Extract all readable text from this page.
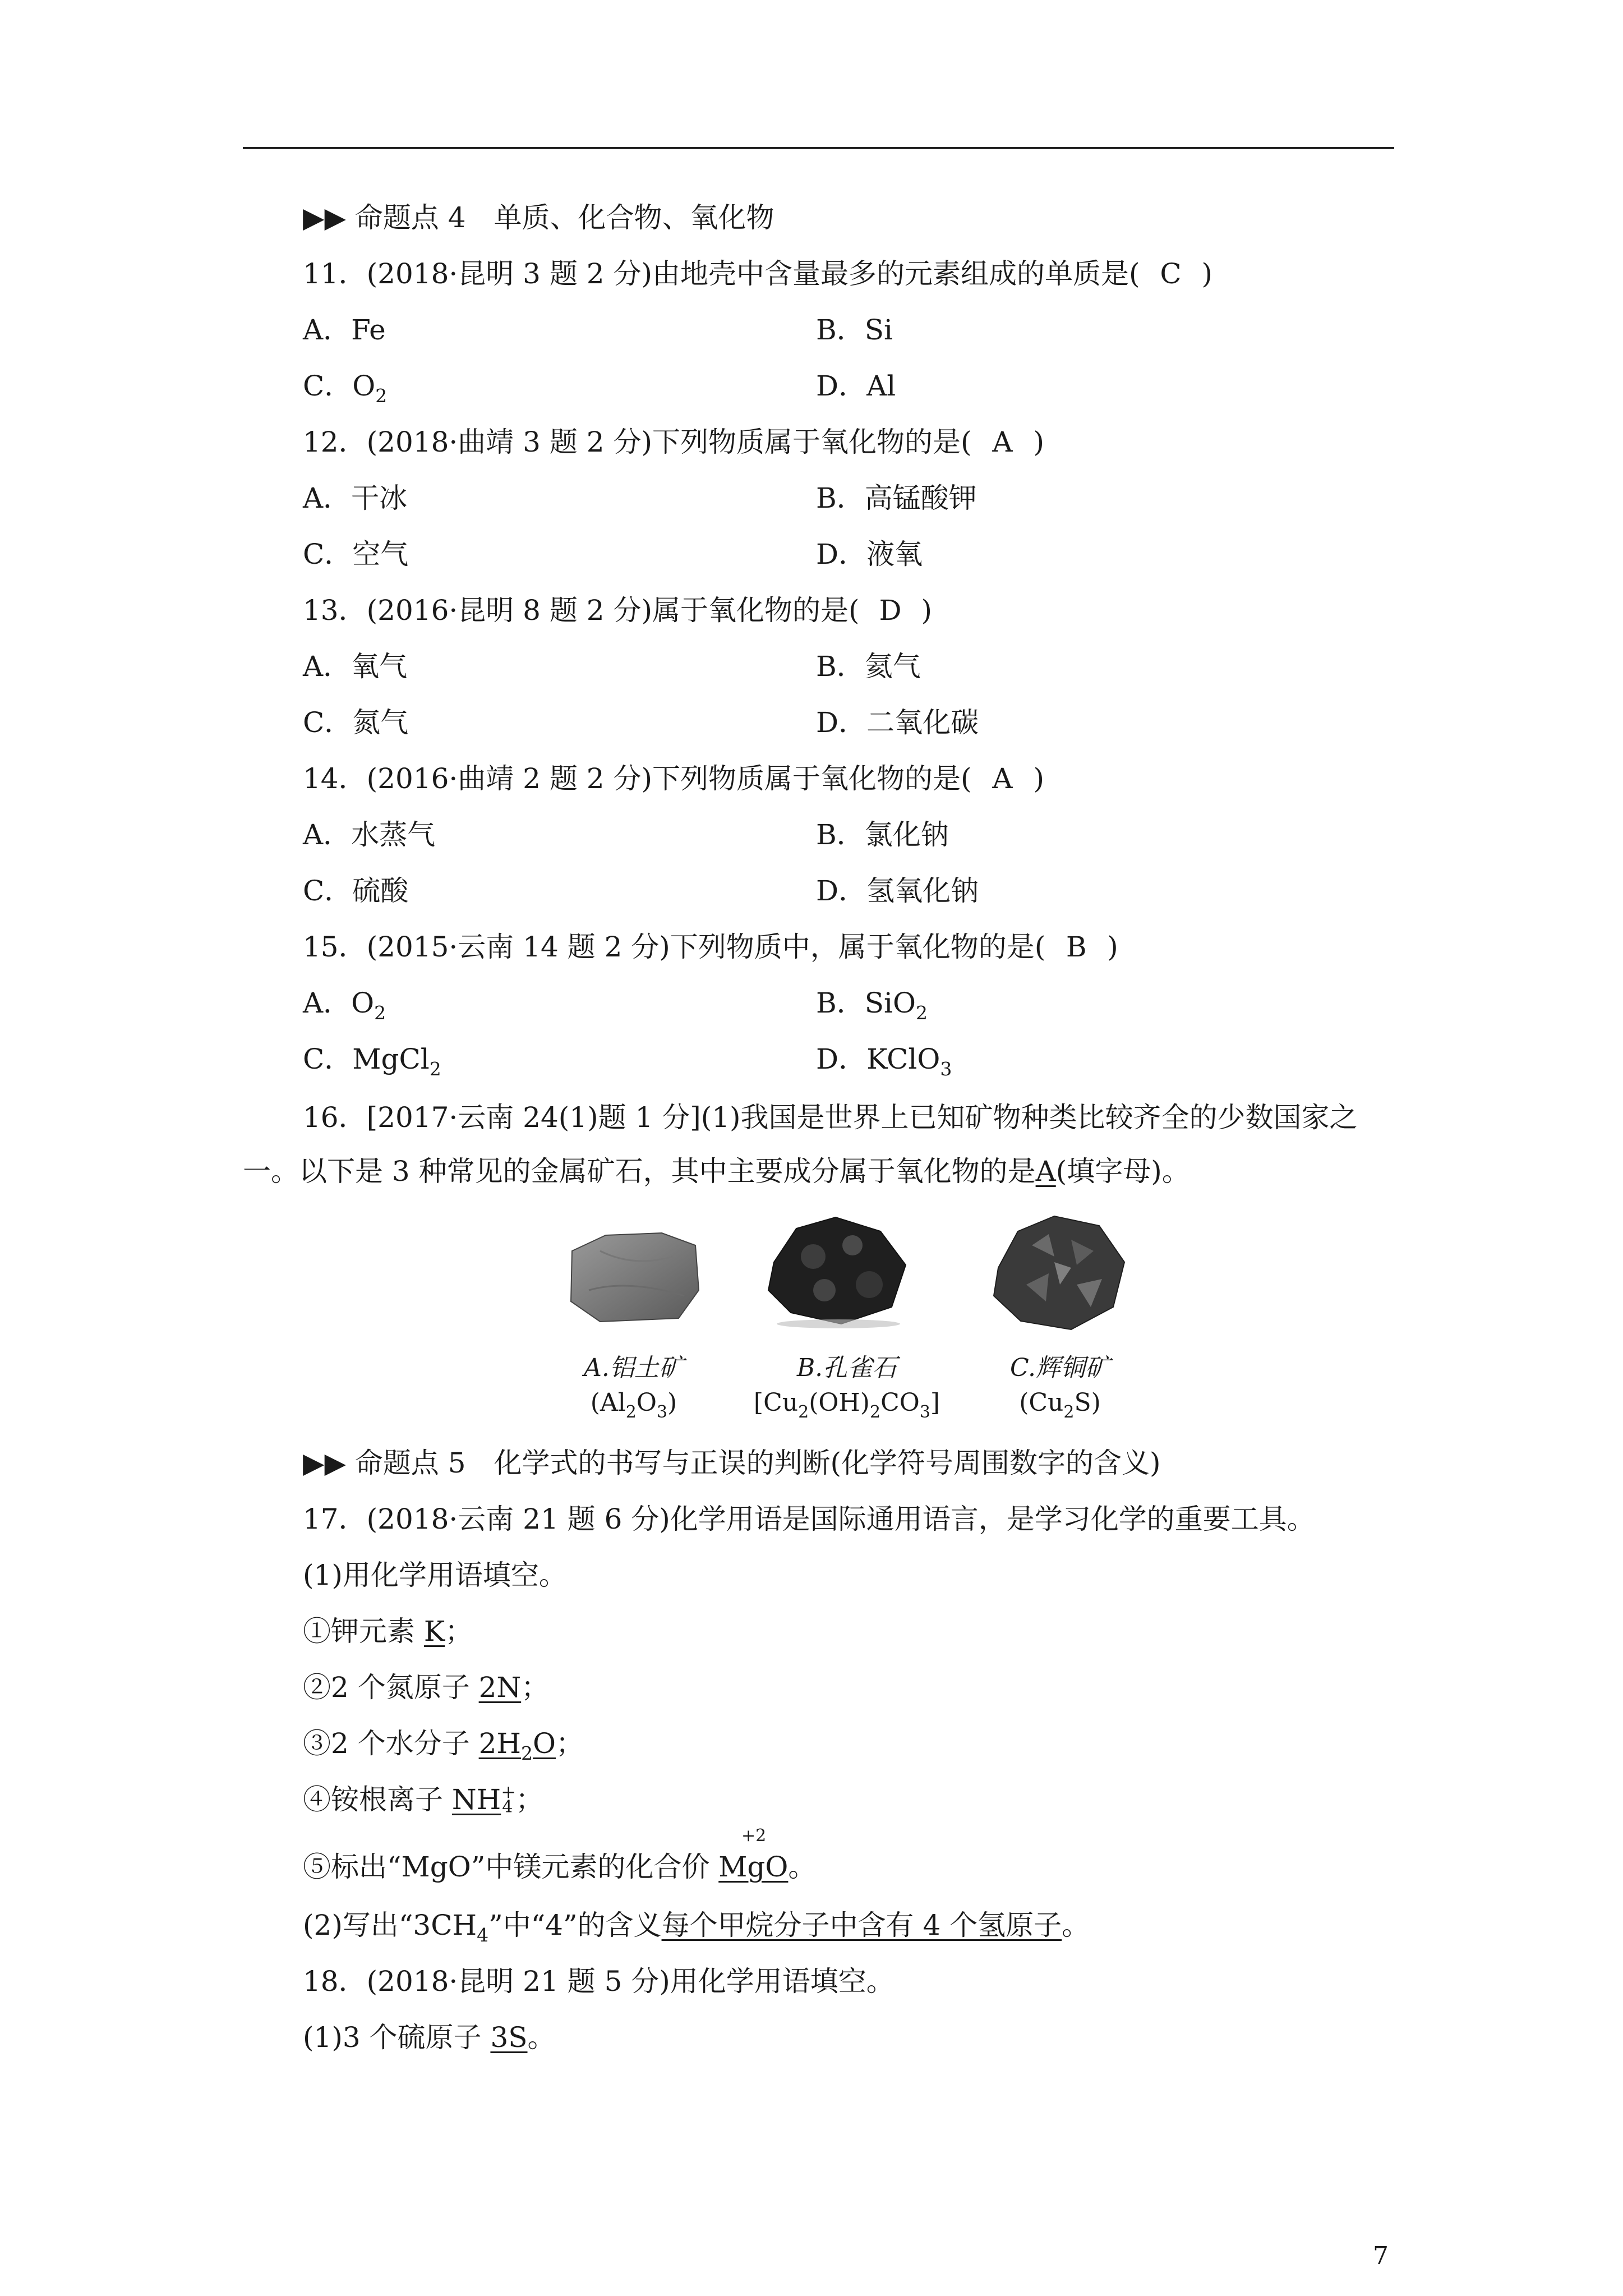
▶▶ 命题点 4　单质、化合物、氧化物
11．(2018·昆明 3 题 2 分)由地壳中含量最多的元素组成的单质是( C )
A．Fe	B．Si
C．$O_2$	D．Al
12．(2018·曲靖 3 题 2 分)下列物质属于氧化物的是( A )
A．干冰	B．高锰酸钾
C．空气	D．液氧
13．(2016·昆明 8 题 2 分)属于氧化物的是( D )
A．氧气	B．氦气
C．氮气	D．二氧化碳
14．(2016·曲靖 2 题 2 分)下列物质属于氧化物的是( A )
A．水蒸气	B．氯化钠
C．硫酸	D．氢氧化钠
15．(2015·云南 14 题 2 分)下列物质中，属于氧化物的是( B )
A．$O_2$	B．SiO$_2$
C．MgCl$_2$	D．KClO$_3$
16．[2017·云南 24(1)题 1 分](1)我国是世界上已知矿物种类比较齐全的少数国家之
一。以下是 3 种常见的金属矿石，其中主要成分属于氧化物的是A(填字母)。
A.铝土矿
$(Al_2O_3)$
B.孔雀石
$[Cu_2(OH)_2CO_3]$
C.辉铜矿
$(Cu_2S)$
▶▶ 命题点 5　化学式的书写与正误的判断(化学符号周围数字的含义)
17．(2018·云南 21 题 6 分)化学用语是国际通用语言，是学习化学的重要工具。
(1)用化学用语填空。
①钾元素 K；
②2 个氮原子 2N；
③2 个水分子 $2H_2O$；
④铵根离子 NH +
4 ；
⑤标出“MgO”中镁元素的化合价 MgO。
+2
(2)写出“$3CH_4$”中“4”的含义每个甲烷分子中含有 4 个氢原子。
18．(2018·昆明 21 题 5 分)用化学用语填空。
(1)3 个硫原子 3S。
7
